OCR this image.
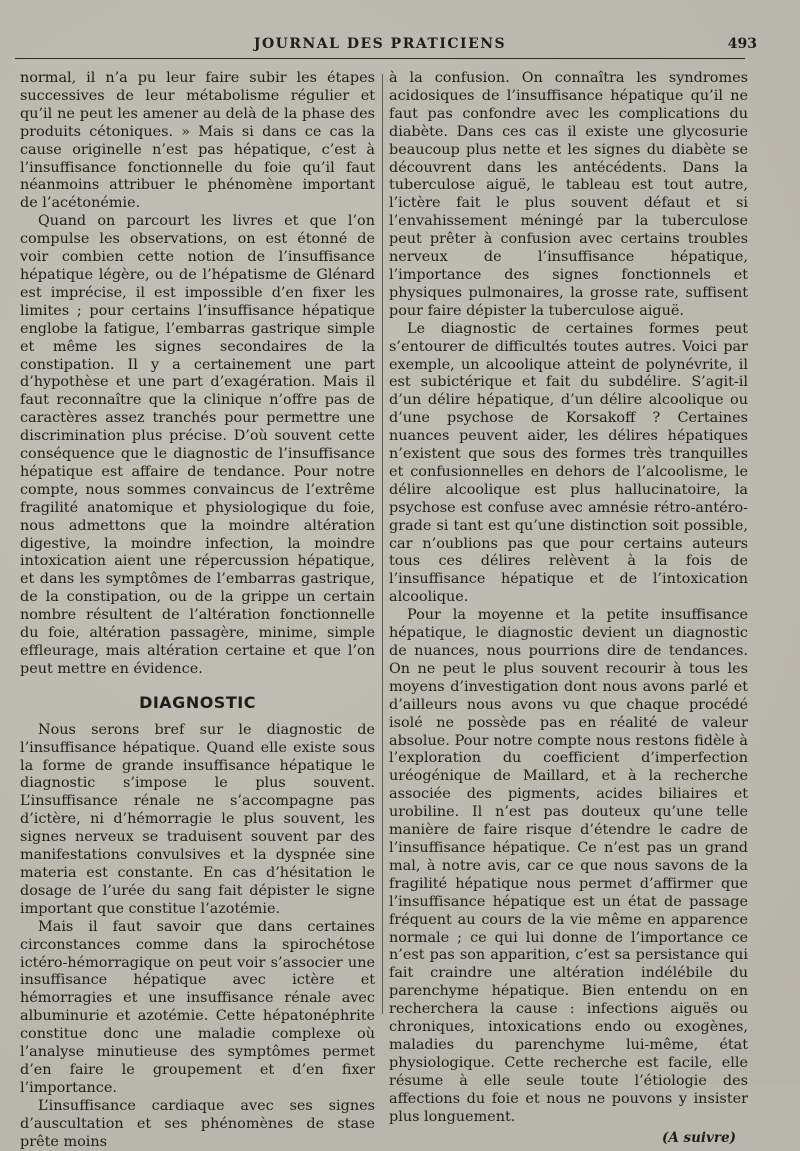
JOURNAL DES PRATICIENS	493

normal, il n’a pu leur faire subir les étapes successives de leur métabolisme régulier et qu’il ne peut les amener au delà de la phase des produits cétoniques. » Mais si dans ce cas la cause originelle n’est pas hépatique, c’est à l’insuffisance fonctionnelle du foie qu’il faut néanmoins attribuer le phénomène important de l’acétonémie.

Quand on parcourt les livres et que l’on compulse les observations, on est étonné de voir combien cette notion de l’insuffisance hépatique légère, ou de l’hépatisme de Glénard est imprécise, il est impossible d’en fixer les limites ; pour certains l’insuffisance hépatique englobe la fatigue, l’embarras gastrique simple et même les signes secondaires de la constipation. Il y a certainement une part d’hypothèse et une part d’exagération. Mais il faut reconnaître que la clinique n’offre pas de caractères assez tranchés pour permettre une discrimination plus précise. D’où souvent cette conséquence que le diagnostic de l’insuffisance hépatique est affaire de tendance. Pour notre compte, nous sommes convaincus de l’extrême fragilité anatomique et physiologique du foie, nous admettons que la moindre altération digestive, la moindre infection, la moindre intoxication aient une répercussion hépatique, et dans les symptômes de l’embarras gastrique, de la constipation, ou de la grippe un certain nombre résultent de l’altération fonctionnelle du foie, altération passagère, minime, simple effleurage, mais altération certaine et que l’on peut mettre en évidence.

DIAGNOSTIC

Nous serons bref sur le diagnostic de l’insuffisance hépatique. Quand elle existe sous la forme de grande insuffisance hépatique le diagnostic s’impose le plus souvent. L’insuffisance rénale ne s’accompagne pas d’ictère, ni d’hémorragie le plus souvent, les signes nerveux se traduisent souvent par des manifestations convulsives et la dyspnée sine materia est constante. En cas d’hésitation le dosage de l’urée du sang fait dépister le signe important que constitue l’azotémie.

Mais il faut savoir que dans certaines circonstances comme dans la spirochétose ictéro-hémorragique on peut voir s’associer une insuffisance hépatique avec ictère et hémorragies et une insuffisance rénale avec albuminurie et azotémie. Cette hépatonéphrite constitue donc une maladie complexe où l’analyse minutieuse des symptômes permet d’en faire le groupement et d’en fixer l’importance.

L’insuffisance cardiaque avec ses signes d’auscultation et ses phénomènes de stase prête moins

à la confusion. On connaîtra les syndromes acidosiques de l’insuffisance hépatique qu’il ne faut pas confondre avec les complications du diabète. Dans ces cas il existe une glycosurie beaucoup plus nette et les signes du diabète se découvrent dans les antécédents. Dans la tuberculose aiguë, le tableau est tout autre, l’ictère fait le plus souvent défaut et si l’envahissement méningé par la tuberculose peut prêter à confusion avec certains troubles nerveux de l’insuffisance hépatique, l’importance des signes fonctionnels et physiques pulmonaires, la grosse rate, suffisent pour faire dépister la tuberculose aiguë.

Le diagnostic de certaines formes peut s’entourer de difficultés toutes autres. Voici par exemple, un alcoolique atteint de polynévrite, il est subictérique et fait du subdélire. S’agit-il d’un délire hépatique, d’un délire alcoolique ou d’une psychose de Korsakoff ? Certaines nuances peuvent aider, les délires hépatiques n’existent que sous des formes très tranquilles et confusionnelles en dehors de l’alcoolisme, le délire alcoolique est plus hallucinatoire, la psychose est confuse avec amnésie rétro-antéro-grade si tant est qu’une distinction soit possible, car n’oublions pas que pour certains auteurs tous ces délires relèvent à la fois de l’insuffisance hépatique et de l’intoxication alcoolique.

Pour la moyenne et la petite insuffisance hépatique, le diagnostic devient un diagnostic de nuances, nous pourrions dire de tendances. On ne peut le plus souvent recourir à tous les moyens d’investigation dont nous avons parlé et d’ailleurs nous avons vu que chaque procédé isolé ne possède pas en réalité de valeur absolue. Pour notre compte nous restons fidèle à l’exploration du coefficient d’imperfection uréogénique de Maillard, et à la recherche associée des pigments, acides biliaires et urobiline. Il n’est pas douteux qu’une telle manière de faire risque d’étendre le cadre de l’insuffisance hépatique. Ce n’est pas un grand mal, à notre avis, car ce que nous savons de la fragilité hépatique nous permet d’affirmer que l’insuffisance hépatique est un état de passage fréquent au cours de la vie même en apparence normale ; ce qui lui donne de l’importance ce n’est pas son apparition, c’est sa persistance qui fait craindre une altération indélébile du parenchyme hépatique. Bien entendu on en recherchera la cause : infections aiguës ou chroniques, intoxications endo ou exogènes, maladies du parenchyme lui-même, état physiologique. Cette recherche est facile, elle résume à elle seule toute l’étiologie des affections du foie et nous ne pouvons y insister plus longuement.

(A suivre)
